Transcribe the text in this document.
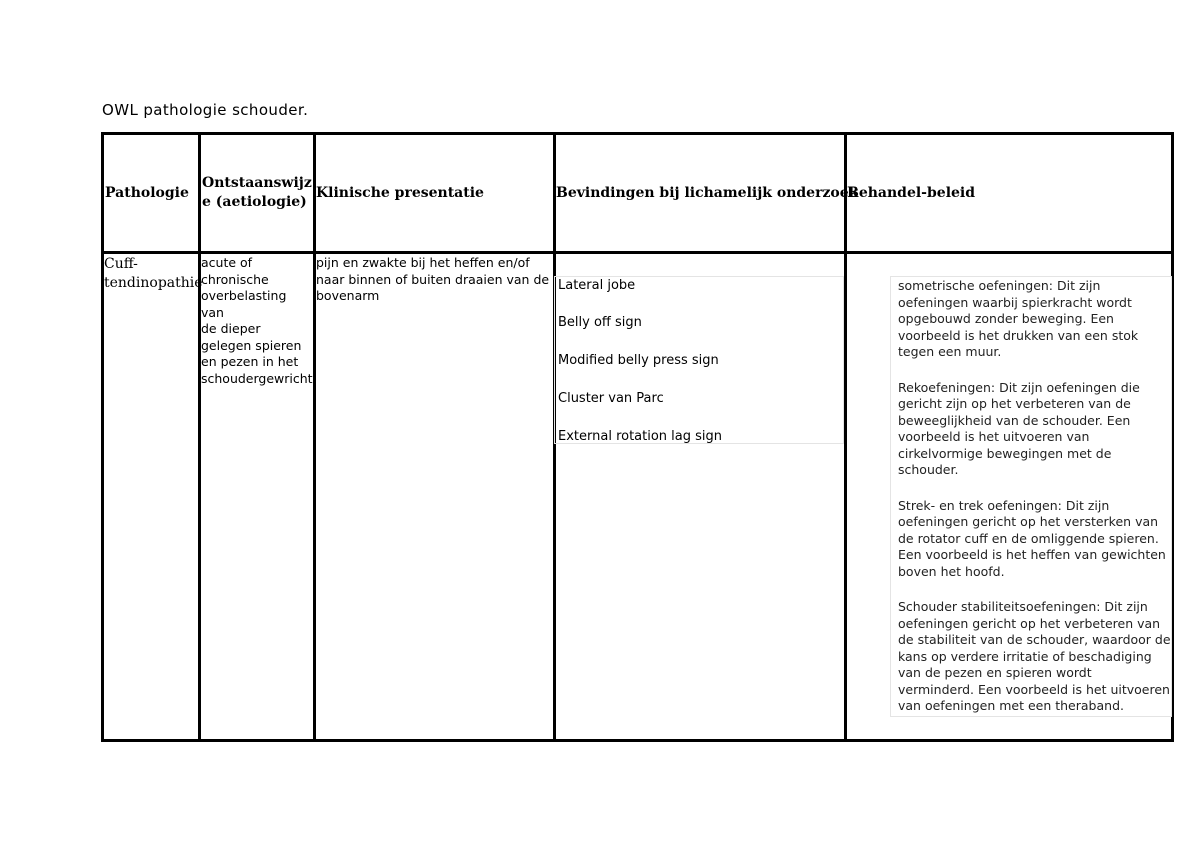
OWL pathologie schouder.
Pathologie
Ontstaanswijz
e (aetiologie)
Klinische presentatie	Bevindingen bij lichamelijk onderzoek
Behandel-beleid
Cuff-
tendinopathie
acute of
chronische
overbelasting van
de dieper
gelegen spieren
en pezen in het
schoudergewricht
pijn en zwakte bij het heffen en/of
naar binnen of buiten draaien van de
bovenarm
Lateral jobe
Belly off sign
Modified belly press sign
Cluster van Parc
External rotation lag sign
sometrische oefeningen: Dit zijn
oefeningen waarbij spierkracht wordt
opgebouwd zonder beweging. Een
voorbeeld is het drukken van een stok
tegen een muur.
Rekoefeningen: Dit zijn oefeningen die
gericht zijn op het verbeteren van de
beweeglijkheid van de schouder. Een
voorbeeld is het uitvoeren van
cirkelvormige bewegingen met de
schouder.
Strek- en trek oefeningen: Dit zijn
oefeningen gericht op het versterken van
de rotator cuff en de omliggende spieren.
Een voorbeeld is het heffen van gewichten
boven het hoofd.
Schouder stabiliteitsoefeningen: Dit zijn
oefeningen gericht op het verbeteren van
de stabiliteit van de schouder, waardoor de
kans op verdere irritatie of beschadiging
van de pezen en spieren wordt
verminderd. Een voorbeeld is het uitvoeren
van oefeningen met een theraband.
